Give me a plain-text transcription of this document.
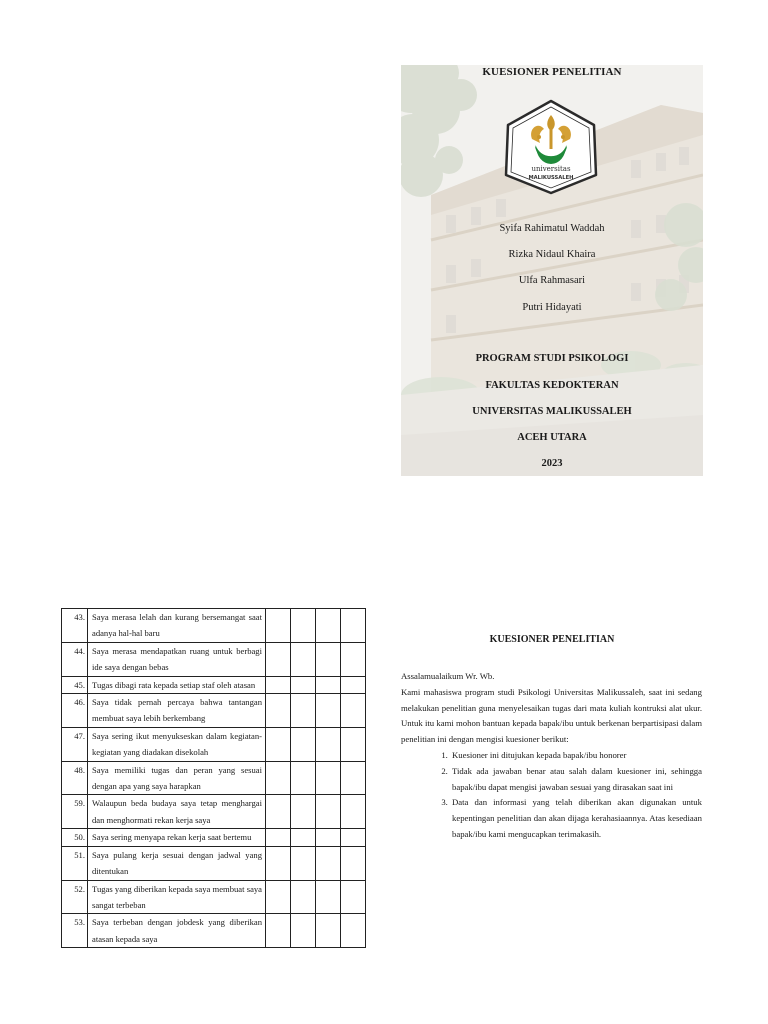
KUESIONER PENELITIAN
universitas
MALIKUSSALEH
Syifa Rahimatul Waddah
Rizka Nidaul Khaira
Ulfa Rahmasari
Putri Hidayati
PROGRAM STUDI PSIKOLOGI
FAKULTAS KEDOKTERAN
UNIVERSITAS MALIKUSSALEH
ACEH UTARA
2023
43.	Saya merasa lelah dan kurang bersemangat saat adanya hal-hal baru				
44.	Saya merasa mendapatkan ruang untuk berbagi ide saya dengan bebas				
45.	Tugas dibagi rata kepada setiap staf oleh atasan				
46.	Saya tidak pernah percaya bahwa tantangan membuat saya lebih berkembang				
47.	Saya sering ikut menyukseskan dalam kegiatan-kegiatan yang diadakan disekolah				
48.	Saya memiliki tugas dan peran yang sesuai dengan apa yang saya harapkan				
59.	Walaupun beda budaya saya tetap menghargai dan menghormati rekan kerja saya				
50.	Saya sering menyapa rekan kerja saat bertemu				
51.	Saya pulang kerja sesuai dengan jadwal yang ditentukan				
52.	Tugas yang diberikan kepada saya membuat saya sangat terbeban				
53.	Saya terbeban dengan jobdesk yang diberikan atasan kepada saya				
KUESIONER PENELITIAN

Assalamualaikum Wr. Wb.

Kami mahasiswa program studi Psikologi Universitas Malikussaleh, saat ini sedang melakukan penelitian guna menyelesaikan tugas dari mata kuliah kontruksi alat ukur. Untuk itu kami mohon bantuan kepada bapak/ibu untuk berkenan berpartisipasi dalam penelitian ini dengan mengisi kuesioner berikut:

1. Kuesioner ini ditujukan kepada bapak/ibu honorer
2. Tidak ada jawaban benar atau salah dalam kuesioner ini, sehingga bapak/ibu dapat mengisi jawaban sesuai yang dirasakan saat ini
3. Data dan informasi yang telah diberikan akan digunakan untuk kepentingan penelitian dan akan dijaga kerahasiaannya. Atas kesediaan bapak/ibu kami mengucapkan terimakasih.
